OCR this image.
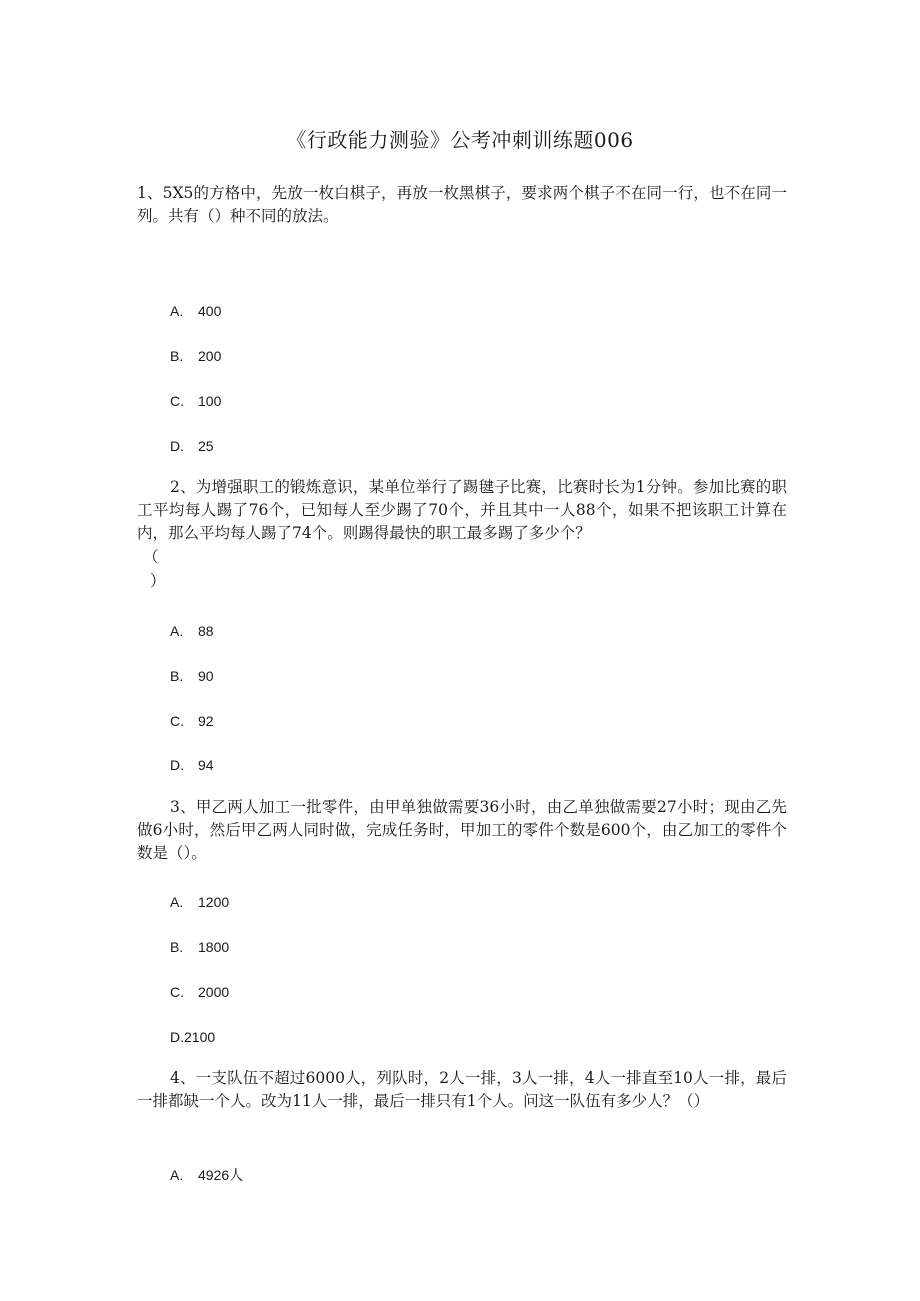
《行政能力测验》公考冲刺训练题006
1、5X5的方格中，先放一枚白棋子，再放一枚黑棋子，要求两个棋子不在同一行，也不在同一列。共有（）种不同的放法。
A. 400
B. 200
C. 100
D. 25
2、为增强职工的锻炼意识，某单位举行了踢毽子比赛，比赛时长为1分钟。参加比赛的职工平均每人踢了76个，已知每人至少踢了70个，并且其中一人88个，如果不把该职工计算在内，那么平均每人踢了74个。则踢得最快的职工最多踢了多少个？
（
）
A. 88
B. 90
C. 92
D. 94
3、甲乙两人加工一批零件，由甲单独做需要36小时，由乙单独做需要27小时；现由乙先做6小时，然后甲乙两人同时做，完成任务时，甲加工的零件个数是600个，由乙加工的零件个数是（）。
A. 1200
B. 1800
C. 2000
D.2100
4、一支队伍不超过6000人，列队时，2人一排，3人一排，4人一排直至10人一排，最后一排都缺一个人。改为11人一排，最后一排只有1个人。问这一队伍有多少人？（）
A. 4926人
